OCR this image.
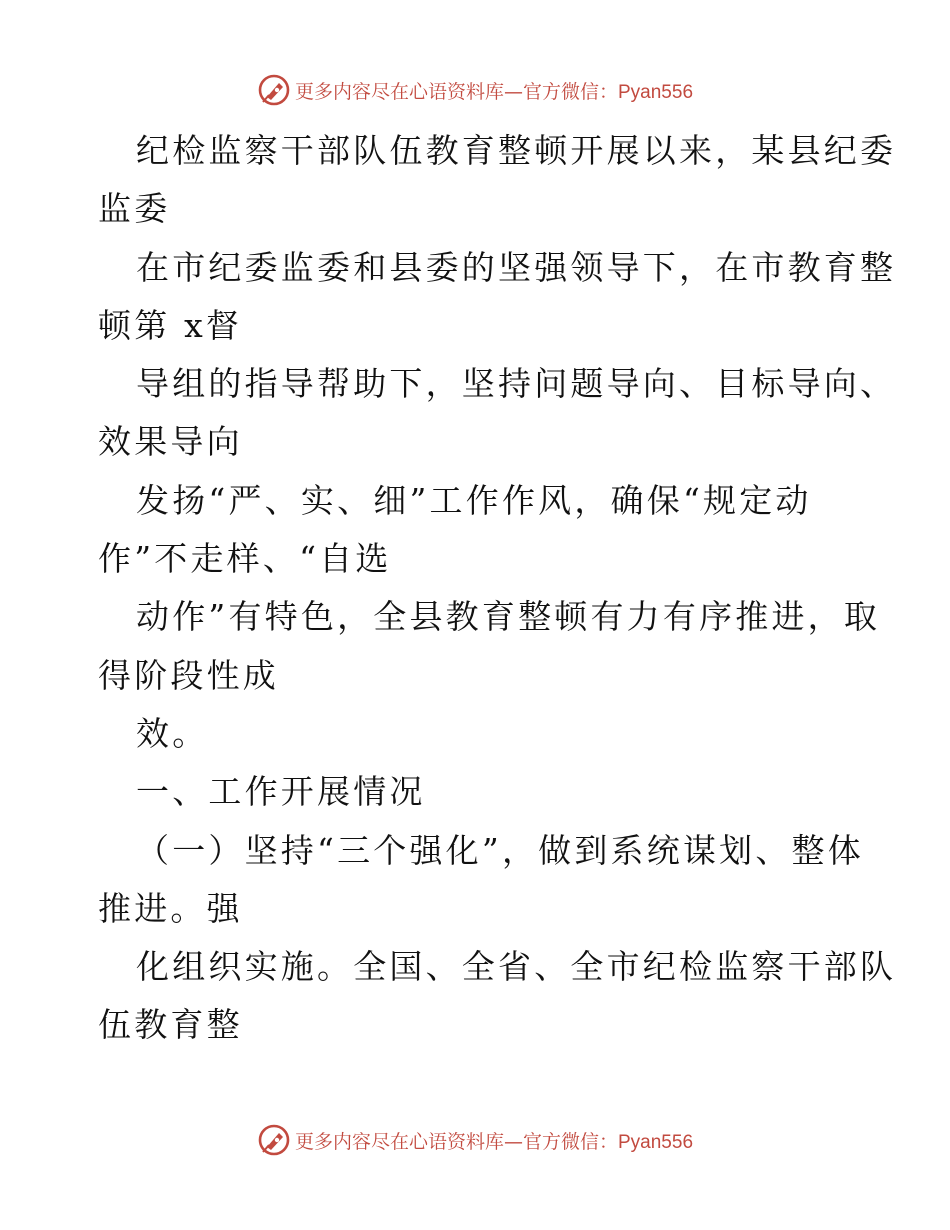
更多内容尽在心语资料库—官方微信：Pyan556
纪检监察干部队伍教育整顿开展以来，某县纪委
监委
在市纪委监委和县委的坚强领导下，在市教育整
顿第 x督
导组的指导帮助下，坚持问题导向、目标导向、
效果导向
发扬“严、实、细”工作作风，确保“规定动
作”不走样、“自选
动作”有特色，全县教育整顿有力有序推进，取
得阶段性成
效。
一、工作开展情况
（一）坚持“三个强化”，做到系统谋划、整体
推进。强
化组织实施。全国、全省、全市纪检监察干部队
伍教育整
更多内容尽在心语资料库—官方微信：Pyan556
